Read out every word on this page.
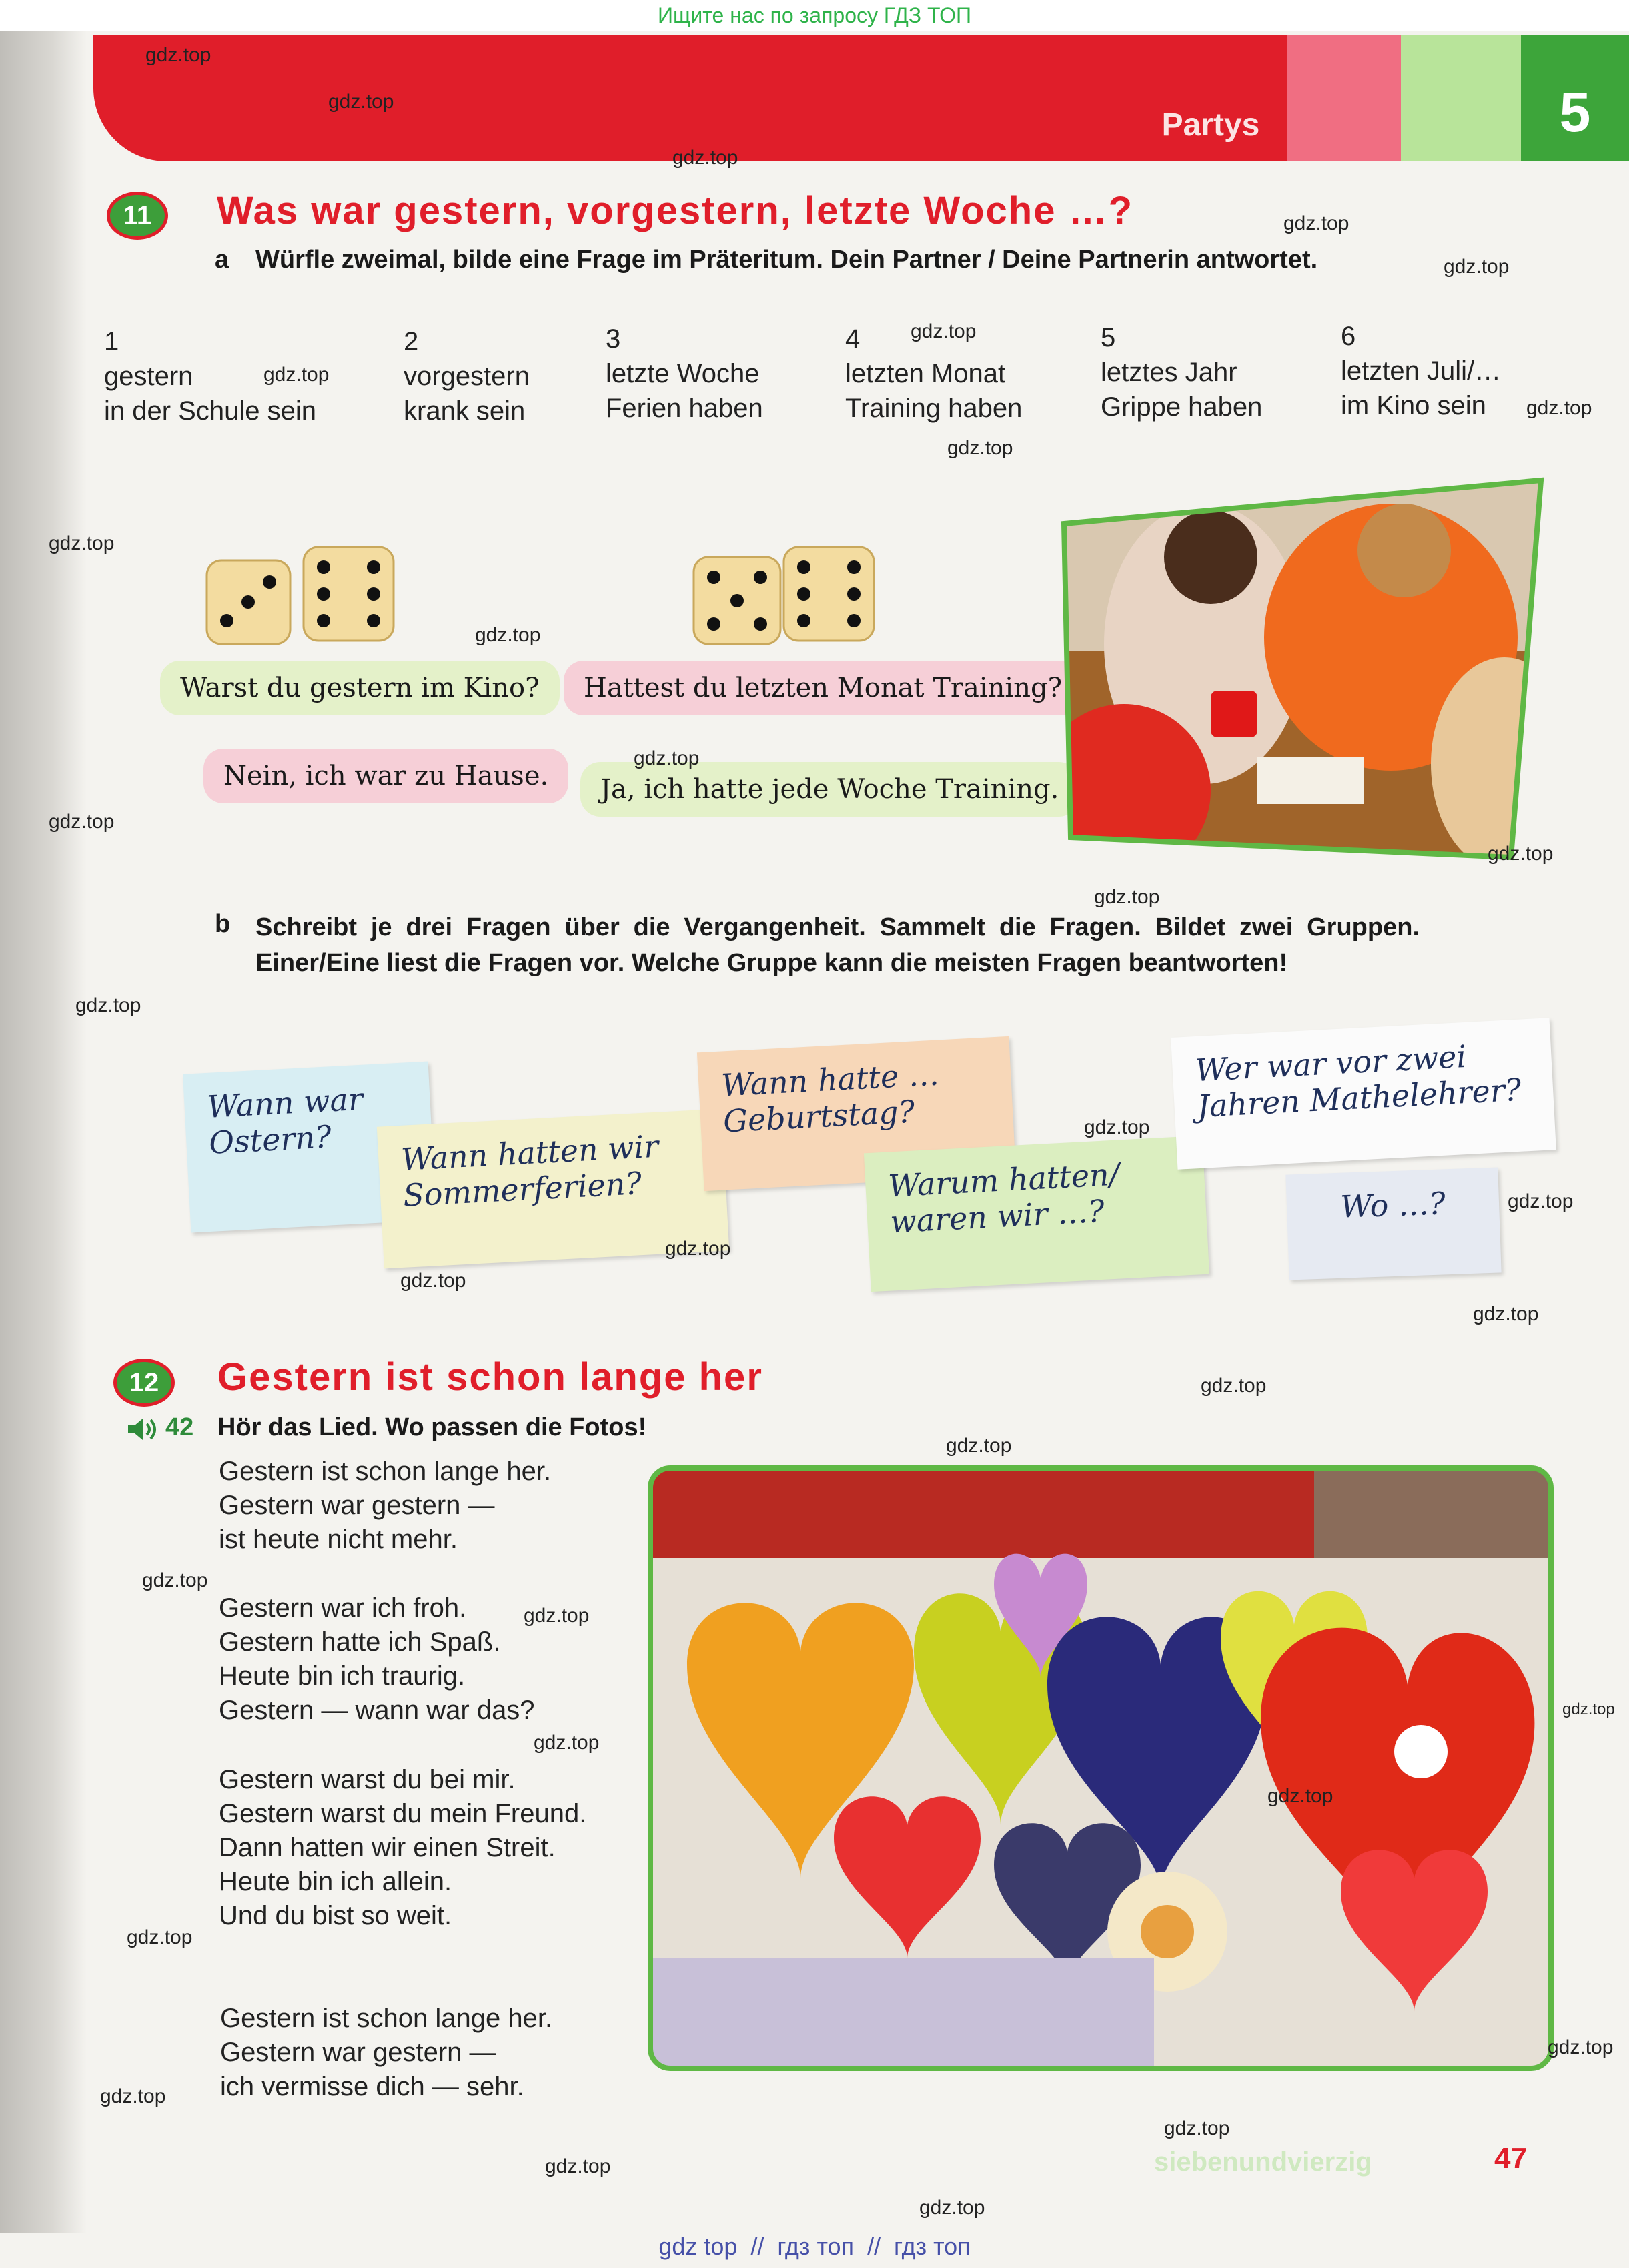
Ищите нас по запросу ГДЗ ТОП
Partys	5
11	Was war gestern, vorgestern, letzte Woche …?
a Würfle zweimal, bilde eine Frage im Präteritum. Dein Partner / Deine Partnerin antwortet.
1
gestern
in der Schule sein
2
vorgestern
krank sein
3
letzte Woche
Ferien haben
4
letzten Monat
Training haben
5
letztes Jahr
Grippe haben
6
letzten Juli/…
im Kino sein
Warst du gestern im Kino?
Nein, ich war zu Hause.
Hattest du letzten Monat Training?
Ja, ich hatte jede Woche Training.
b Schreibt je drei Fragen über die Vergangenheit. Sammelt die Fragen. Bildet zwei Gruppen. Einer/Eine liest die Fragen vor. Welche Gruppe kann die meisten Fragen beantworten!
Wann war Ostern?	Wann hatten wir Sommerferien?
Wann hatte … Geburtstag?
Warum hatten/ waren wir …?
Wer war vor zwei Jahren Mathelehrer?
Wo …?
12	Gestern ist schon lange her
42 Hör das Lied. Wo passen die Fotos!
Gestern ist schon lange her.
Gestern war gestern —
ist heute nicht mehr.
Gestern war ich froh.
Gestern hatte ich Spaß.
Heute bin ich traurig.
Gestern — wann war das?
Gestern warst du bei mir.
Gestern warst du mein Freund.
Dann hatten wir einen Streit.
Heute bin ich allein.
Und du bist so weit.
Gestern ist schon lange her.
Gestern war gestern —
ich vermisse dich — sehr.
siebenundvierzig	47
gdz.top
gdz.top
gdz.top
gdz.top
gdz.top
gdz.top
gdz.top
gdz.top
gdz.top
gdz.top
gdz.top
gdz.top
gdz.top
gdz.top
gdz.top
gdz.top
gdz.top
gdz.top
gdz.top
gdz.top
gdz.top
gdz.top
gdz.top
gdz.top
gdz.top
gdz.top
gdz.top
gdz.top
gdz.top
gdz.top
gdz.top
gdz.top
gdz.top
gdz.top
gdz top  //  гдз топ  //  гдз топ
